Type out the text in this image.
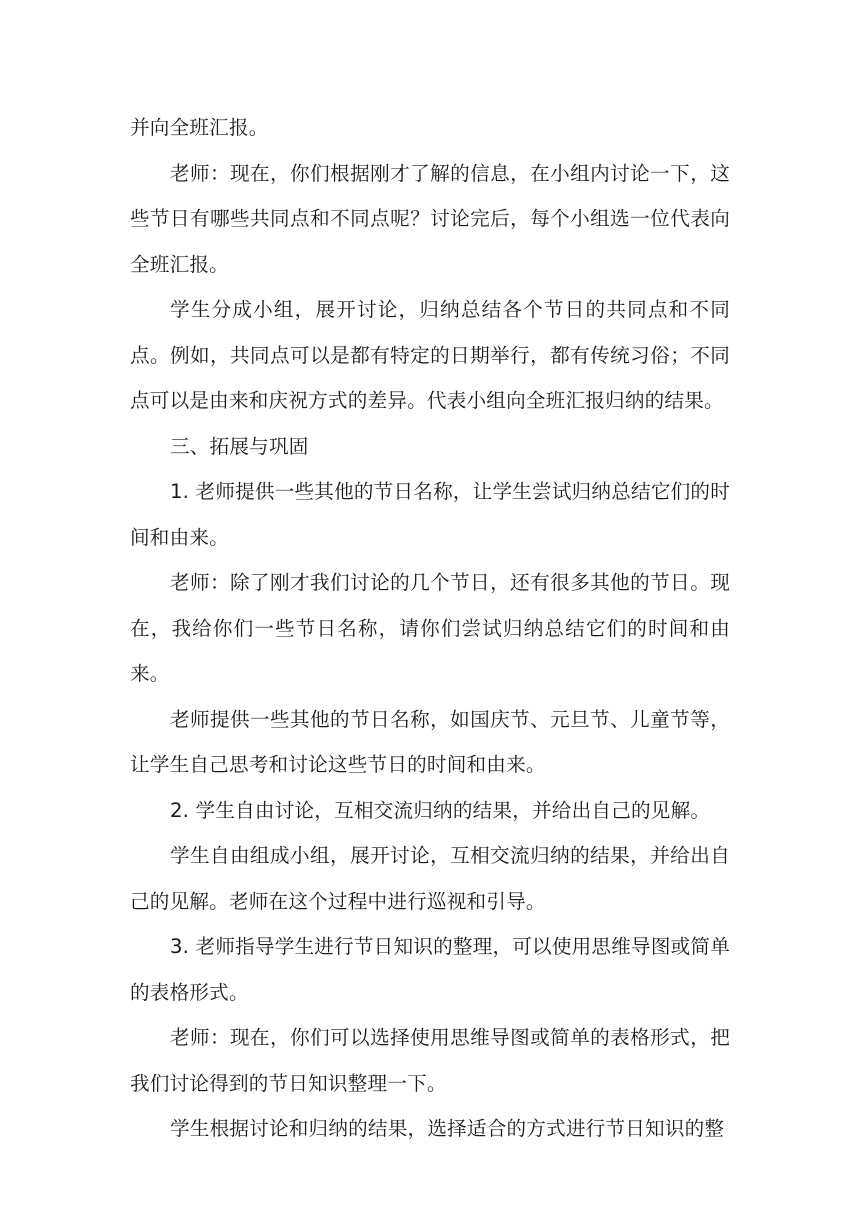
并向全班汇报。

老师：现在，你们根据刚才了解的信息，在小组内讨论一下，这些节日有哪些共同点和不同点呢？讨论完后，每个小组选一位代表向全班汇报。

学生分成小组，展开讨论，归纳总结各个节日的共同点和不同点。例如，共同点可以是都有特定的日期举行，都有传统习俗；不同点可以是由来和庆祝方式的差异。代表小组向全班汇报归纳的结果。

三、拓展与巩固

1. 老师提供一些其他的节日名称，让学生尝试归纳总结它们的时间和由来。

老师：除了刚才我们讨论的几个节日，还有很多其他的节日。现在，我给你们一些节日名称，请你们尝试归纳总结它们的时间和由来。

老师提供一些其他的节日名称，如国庆节、元旦节、儿童节等，让学生自己思考和讨论这些节日的时间和由来。

2. 学生自由讨论，互相交流归纳的结果，并给出自己的见解。

学生自由组成小组，展开讨论，互相交流归纳的结果，并给出自己的见解。老师在这个过程中进行巡视和引导。

3. 老师指导学生进行节日知识的整理，可以使用思维导图或简单的表格形式。

老师：现在，你们可以选择使用思维导图或简单的表格形式，把我们讨论得到的节日知识整理一下。

学生根据讨论和归纳的结果，选择适合的方式进行节日知识的整
